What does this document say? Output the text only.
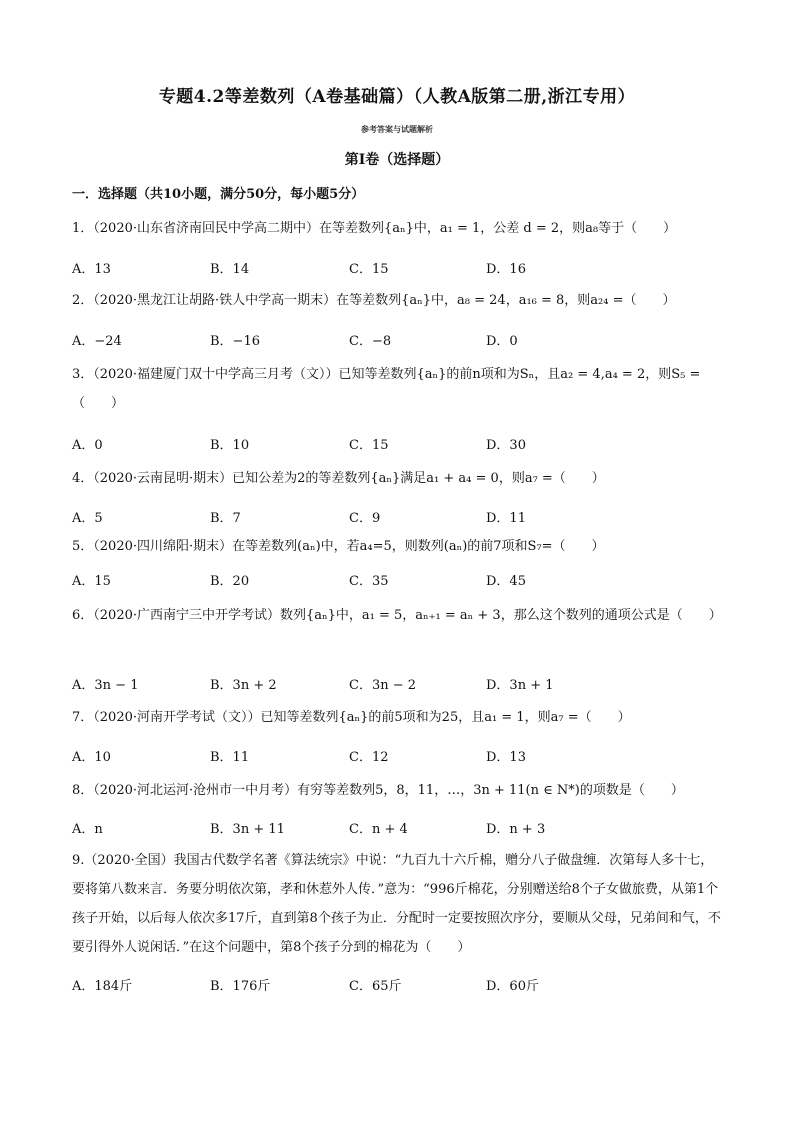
专题4.2等差数列（A卷基础篇）（人教A版第二册,浙江专用）
参考答案与试题解析
第Ⅰ卷（选择题）
一．选择题（共10小题，满分50分，每小题5分）
1．（2020·山东省济南回民中学高二期中）在等差数列{aₙ}中，a₁ = 1，公差 d = 2，则a₈等于（　　）
A．13	B．14	C．15	D．16
2．（2020·黑龙江让胡路·铁人中学高一期末）在等差数列{aₙ}中，a₈ = 24，a₁₆ = 8，则a₂₄ =（　　）
A．−24	B．−16	C．−8	D．0
3．（2020·福建厦门双十中学高三月考（文））已知等差数列{aₙ}的前n项和为Sₙ，且a₂ = 4,a₄ = 2，则S₅ =（　　）
A．0	B．10	C．15	D．30
4．（2020·云南昆明·期末）已知公差为2的等差数列{aₙ}满足a₁ + a₄ = 0，则a₇ =（　　）
A．5	B．7	C．9	D．11
5．（2020·四川绵阳·期末）在等差数列(aₙ)中，若a₄=5，则数列(aₙ)的前7项和S₇=（　　）
A．15	B．20	C．35	D．45
6．（2020·广西南宁三中开学考试）数列{aₙ}中，a₁ = 5，aₙ₊₁ = aₙ + 3，那么这个数列的通项公式是（　　）
A．3n − 1	B．3n + 2	C．3n − 2	D．3n + 1
7．（2020·河南开学考试（文））已知等差数列{aₙ}的前5项和为25，且a₁ = 1，则a₇ =（　　）
A．10	B．11	C．12	D．13
8．（2020·河北运河·沧州市一中月考）有穷等差数列5，8，11，…，3n + 11(n ∈ N*)的项数是（　　）
A．n	B．3n + 11	C．n + 4	D．n + 3
9.（2020·全国）我国古代数学名著《算法统宗》中说：“九百九十六斤棉，赠分八子做盘缠．次第每人多十七，要将第八数来言．务要分明依次第，孝和休惹外人传．”意为：“996斤棉花，分别赠送给8个子女做旅费，从第1个孩子开始，以后每人依次多17斤，直到第8个孩子为止．分配时一定要按照次序分，要顺从父母，兄弟间和气，不要引得外人说闲话．”在这个问题中，第8个孩子分到的棉花为（　　）
A．184斤	B．176斤	C．65斤	D．60斤
